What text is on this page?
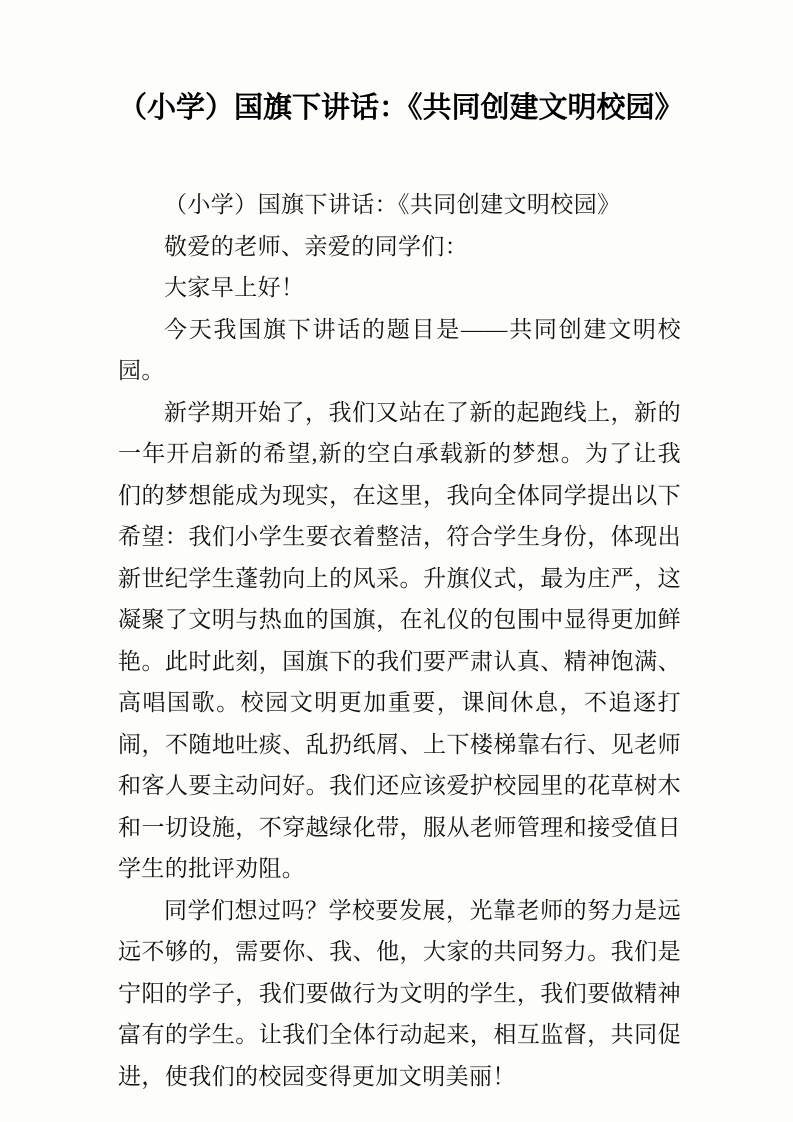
（小学）国旗下讲话：《共同创建文明校园》

（小学）国旗下讲话：《共同创建文明校园》

敬爱的老师、亲爱的同学们：

大家早上好！

今天我国旗下讲话的题目是——共同创建文明校园。

新学期开始了，我们又站在了新的起跑线上，新的一年开启新的希望,新的空白承载新的梦想。为了让我们的梦想能成为现实，在这里，我向全体同学提出以下希望：我们小学生要衣着整洁，符合学生身份，体现出新世纪学生蓬勃向上的风采。升旗仪式，最为庄严，这凝聚了文明与热血的国旗，在礼仪的包围中显得更加鲜艳。此时此刻，国旗下的我们要严肃认真、精神饱满、高唱国歌。校园文明更加重要，课间休息，不追逐打闹，不随地吐痰、乱扔纸屑、上下楼梯靠右行、见老师和客人要主动问好。我们还应该爱护校园里的花草树木和一切设施，不穿越绿化带，服从老师管理和接受值日学生的批评劝阻。

同学们想过吗？学校要发展，光靠老师的努力是远远不够的，需要你、我、他，大家的共同努力。我们是宁阳的学子，我们要做行为文明的学生，我们要做精神富有的学生。让我们全体行动起来，相互监督，共同促进，使我们的校园变得更加文明美丽！
